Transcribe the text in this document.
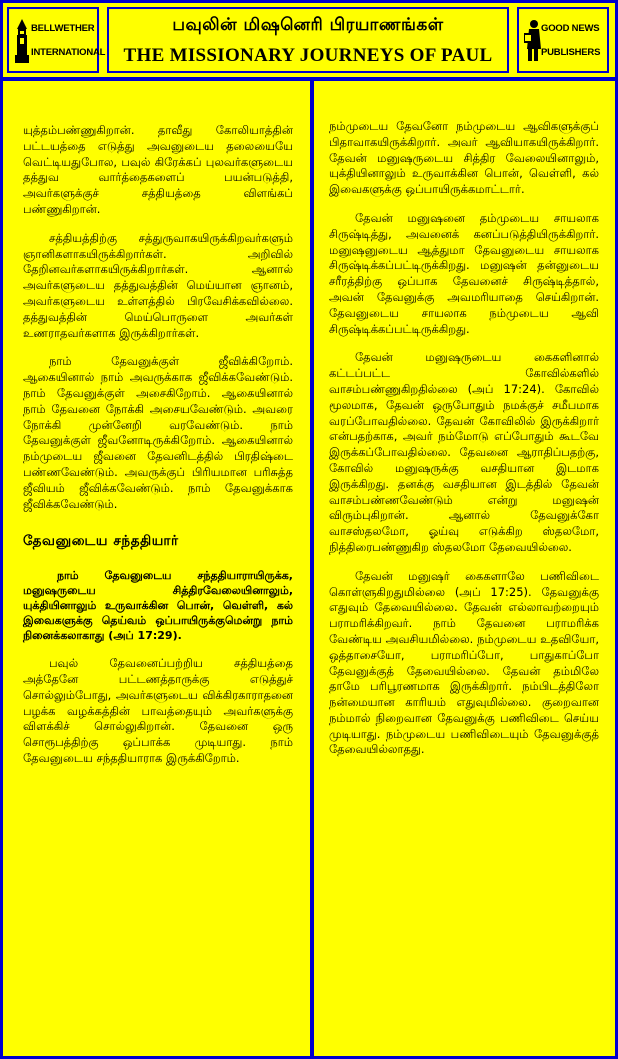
BELLWETHER
INTERNATIONAL
பவுலின் மிஷனெரி பிரயாணங்கள்
THE MISSIONARY JOURNEYS OF PAUL
GOOD NEWS
PUBLISHERS

யுத்தம்பண்ணுகிறான். தாவீது கோலியாத்தின் பட்டயத்தை எடுத்து அவனுடைய தலையையே வெட்டியதுபோல, பவுல் கிரேக்கப் புலவர்களுடைய தத்துவ வார்த்தைகளைப் பயன்படுத்தி, அவர்களுக்குச் சத்தியத்தை விளங்கப் பண்ணுகிறான்.

சத்தியத்திற்கு சத்துருவாகயிருக்கிறவர்களும் ஞானிகளாகயிருக்கிறார்கள். அறிவில் தேறினவர்களாகயிருக்கிறார்கள். ஆனால் அவர்களுடைய தத்துவத்தின் மெய்யான ஞானம், அவர்களுடைய உள்ளத்தில் பிரவேசிக்கவில்லை. தத்துவத்தின் மெய்பொருளை அவர்கள் உணராதவர்களாக இருக்கிறார்கள்.

நாம் தேவனுக்குள் ஜீவிக்கிறோம். ஆகையினால் நாம் அவருக்காக ஜீவிக்கவேண்டும். நாம் தேவனுக்குள் அசைகிறோம். ஆகையினால் நாம் தேவனை நோக்கி அசையவேண்டும். அவரை நோக்கி முன்னேறி வரவேண்டும். நாம் தேவனுக்குள் ஜீவனோடிருக்கிறோம். ஆகையினால் நம்முடைய ஜீவனை தேவனிடத்தில் பிரதிஷ்டை பண்ணவேண்டும். அவருக்குப் பிரியமான பரிசுத்த ஜீவியம் ஜீவிக்கவேண்டும். நாம் தேவனுக்காக ஜீவிக்கவேண்டும்.

தேவனுடைய சந்ததியார்

நாம் தேவனுடைய சந்ததியாராயிருக்க, மனுஷருடைய சித்திரவேலையினாலும், யுக்தியினாலும் உருவாக்கின பொன், வெள்ளி, கல் இவைகளுக்கு தெய்வம் ஒப்பாயிருக்குமென்று நாம் நினைக்கலாகாது (அப் 17:29).

பவுல் தேவனைப்பற்றிய சத்தியத்தை அத்தேனே பட்டணத்தாருக்கு எடுத்துச் சொல்லும்போது, அவர்களுடைய விக்கிரகாராதனை பழக்க வழக்கத்தின் பாவத்தையும் அவர்களுக்கு விளக்கிச் சொல்லுகிறான். தேவனை ஒரு சொரூபத்திற்கு ஒப்பாக்க முடியாது. நாம் தேவனுடைய சந்ததியாராக இருக்கிறோம்.

நம்முடைய தேவனோ நம்முடைய ஆவிகளுக்குப் பிதாவாகயிருக்கிறார். அவர் ஆவியாகயிருக்கிறார். தேவன் மனுஷருடைய சித்திர வேலையினாலும், யுக்தியினாலும் உருவாக்கின பொன், வெள்ளி, கல் இவைகளுக்கு ஒப்பாயிருக்கமாட்டார்.

தேவன் மனுஷனை தம்முடைய சாயலாக சிருஷ்டித்து, அவனைக் கனப்படுத்தியிருக்கிறார். மனுஷனுடைய ஆத்துமா தேவனுடைய சாயலாக சிருஷ்டிக்கப்பட்டிருக்கிறது. மனுஷன் தன்னுடைய சரீரத்திற்கு ஒப்பாக தேவனைச் சிருஷ்டித்தால், அவன் தேவனுக்கு அவமரியாதை செய்கிறான். தேவனுடைய சாயலாக நம்முடைய ஆவி சிருஷ்டிக்கப்பட்டிருக்கிறது.

தேவன் மனுஷருடைய கைகளினால் கட்டப்பட்ட கோவில்களில் வாசம்பண்ணுகிறதில்லை (அப் 17:24). கோவில் மூலமாக, தேவன் ஒருபோதும் நமக்குச் சமீபமாக வரப்போவதில்லை. தேவன் கோவிலில் இருக்கிறார் என்பதற்காக, அவர் நம்மோடு எப்போதும் கூடவே இருக்கப்போவதில்லை. தேவனை ஆராதிப்பதற்கு, கோவில் மனுஷருக்கு வசதியான இடமாக இருக்கிறது. தனக்கு வசதியான இடத்தில் தேவன் வாசம்பண்ணவேண்டும் என்று மனுஷன் விரும்புகிறான். ஆனால் தேவனுக்கோ வாசஸ்தலமோ, ஓய்வு எடுக்கிற ஸ்தலமோ, நித்திரைபண்ணுகிற ஸ்தலமோ தேவையில்லை.

தேவன் மனுஷர் கைகளாலே பணிவிடை கொள்ளுகிறதுமில்லை (அப் 17:25). தேவனுக்கு எதுவும் தேவையில்லை. தேவன் எல்லாவற்றையும் பராமரிக்கிறவர். நாம் தேவனை பராமரிக்க வேண்டிய அவசியமில்லை. நம்முடைய உதவியோ, ஒத்தாசையோ, பராமரிப்போ, பாதுகாப்போ தேவனுக்குத் தேவையில்லை. தேவன் தம்மிலே தாமே பரிபூரணமாக இருக்கிறார். நம்பிடத்திலோ நன்மையான காரியம் எதுவுமில்லை. குறைவான நம்மால் நிறைவான தேவனுக்கு பணிவிடை செய்ய முடியாது. நம்முடைய பணிவிடையும் தேவனுக்குத் தேவையில்லாதது.
